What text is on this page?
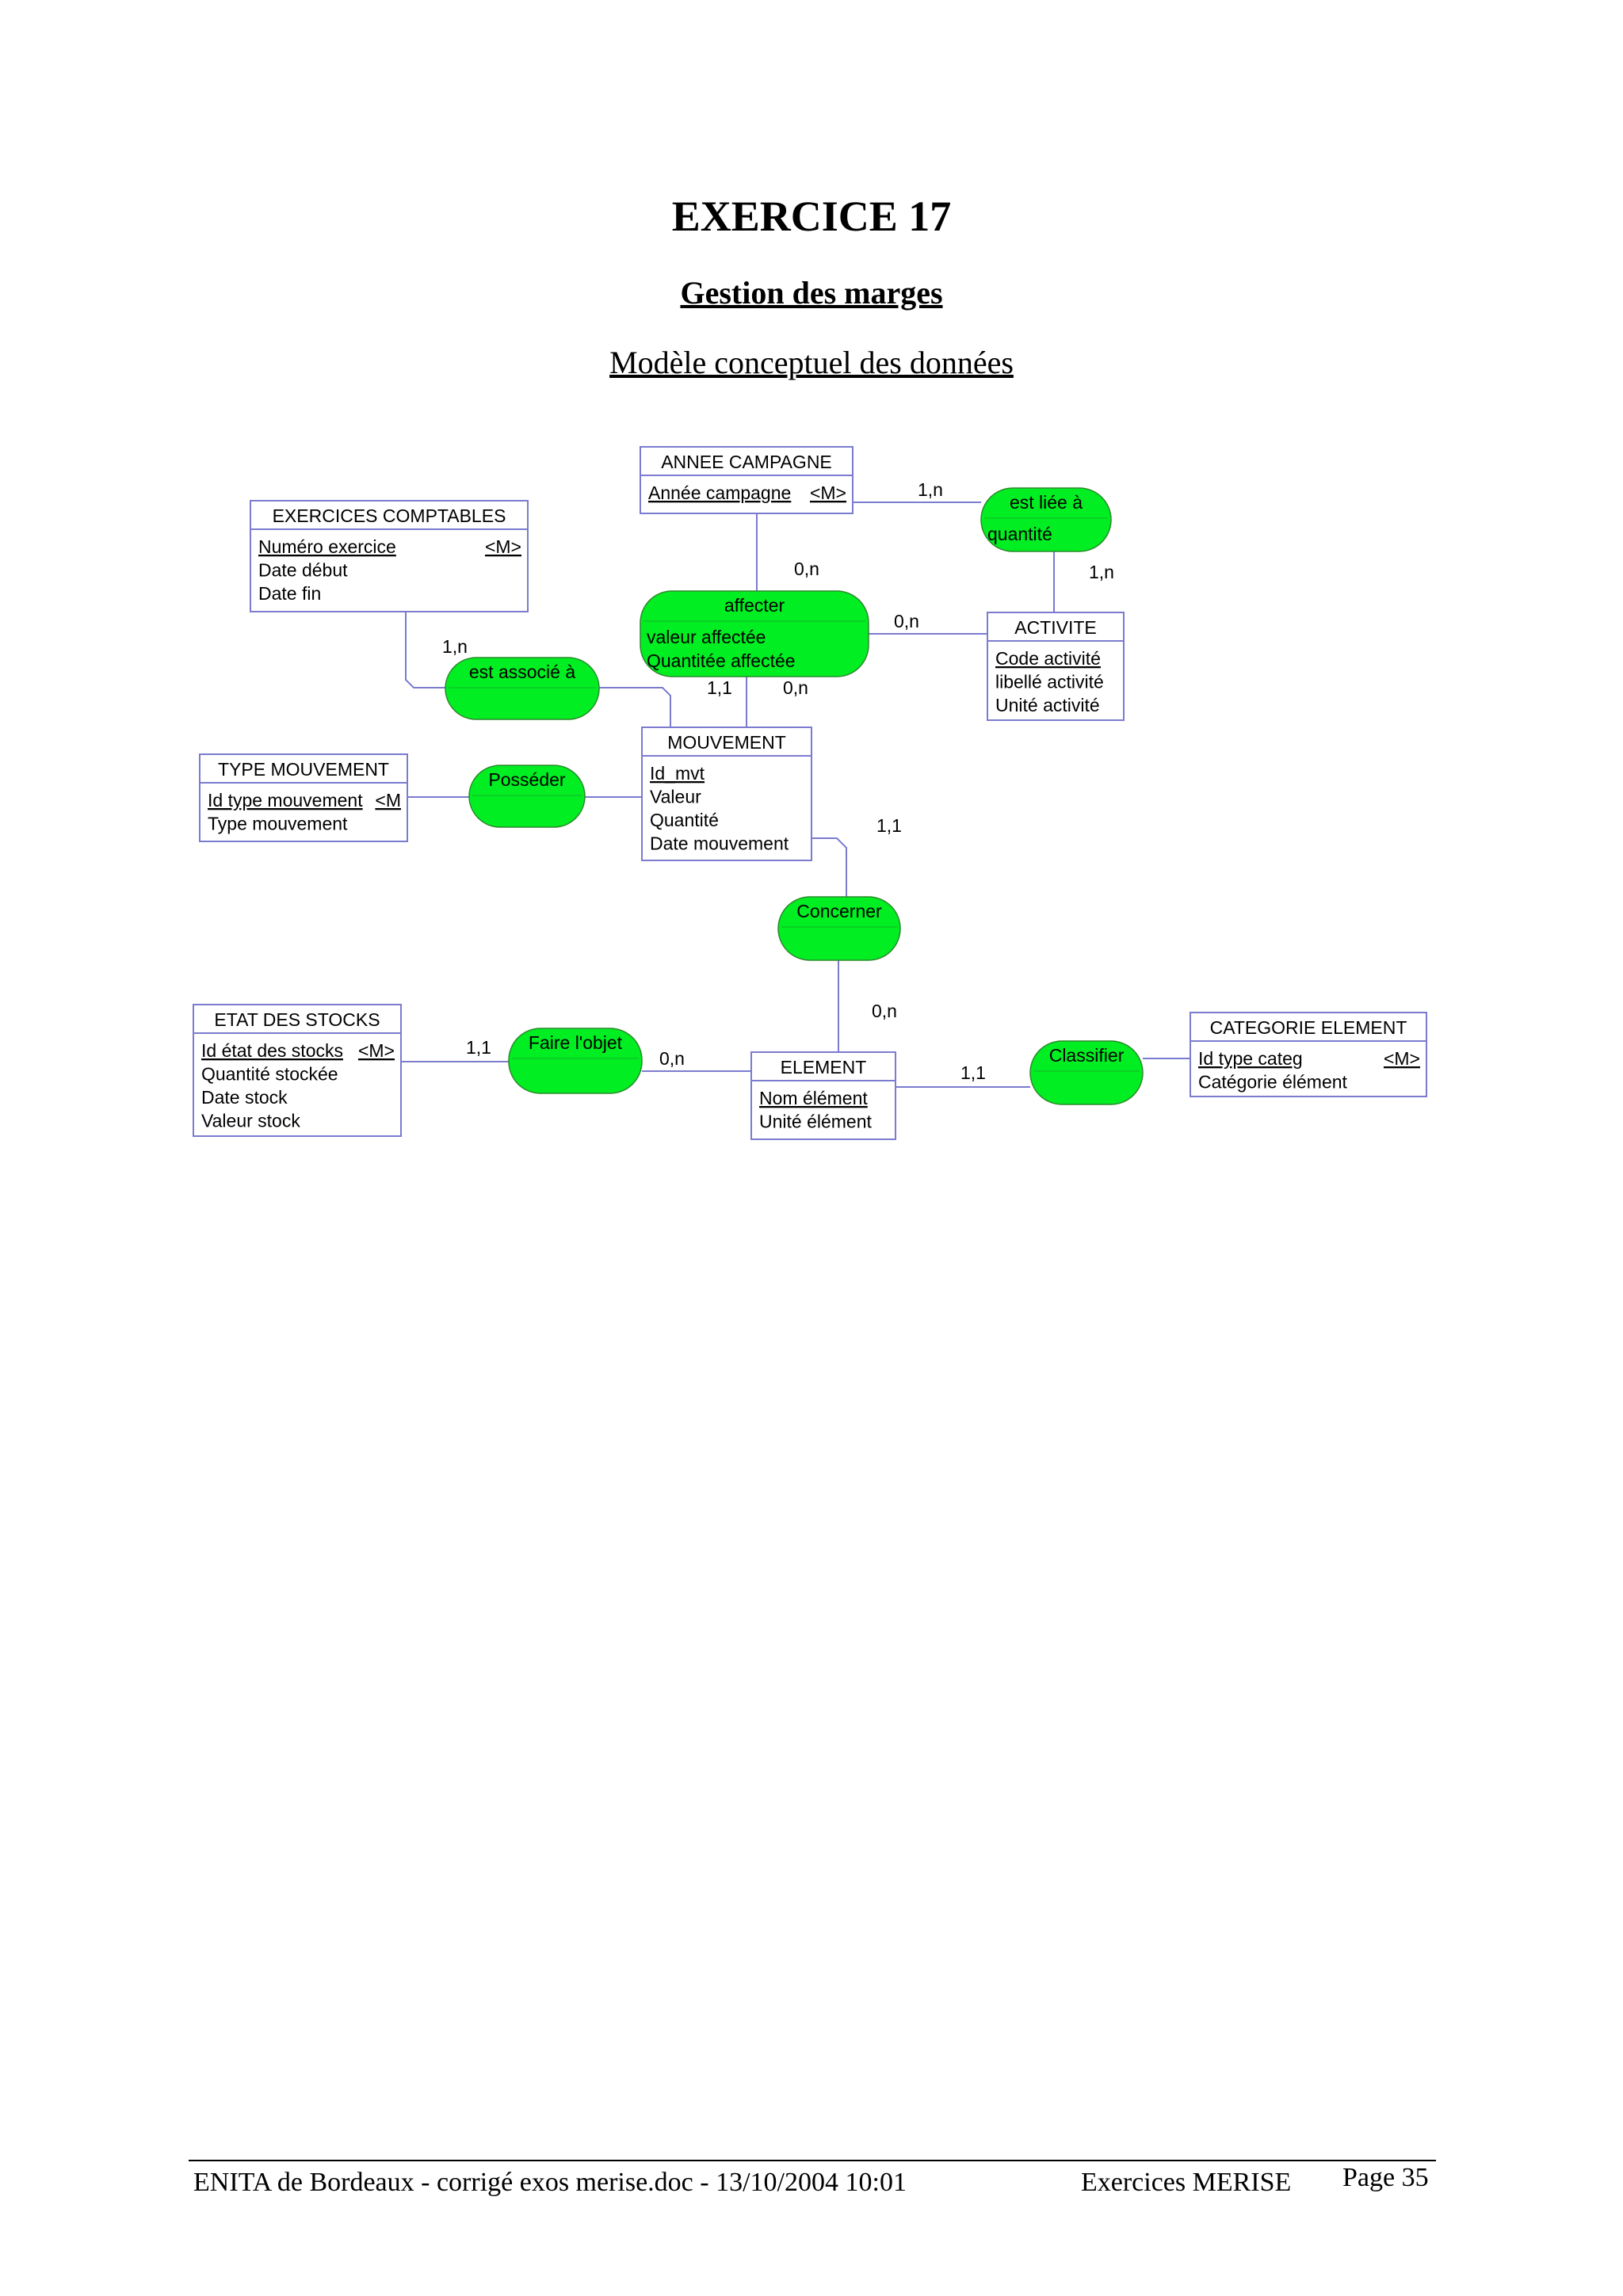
EXERCICE 17
Gestion des marges
Modèle conceptuel des données
ANNEE CAMPAGNE
Année campagne <M>
EXERCICES COMPTABLES
Numéro exercice	<M>
Date début
Date fin
ACTIVITE
Code activité
libellé activité
Unité activité
MOUVEMENT
Id_mvt
Valeur
Quantité
Date mouvement
TYPE MOUVEMENT
Id type mouvement <M
Type mouvement
ETAT DES STOCKS
Id état des stocks <M>
Quantité stockée
Date stock
Valeur stock
ELEMENT
Nom élément
Unité élément
CATEGORIE ELEMENT
Id type categ	<M>
Catégorie élément
est liée à
quantité
affecter
valeur affectée
Quantitée affectée
est associé à
Posséder
Concerner
Faire l'objet
Classifier
1,n
0,n	1,n
0,n
1,n
1,1	0,n
1,1
0,n
0,n
1,1
1,1
ENITA de Bordeaux - corrigé exos merise.doc - 13/10/2004 10:01	Exercices MERISE Page 35
